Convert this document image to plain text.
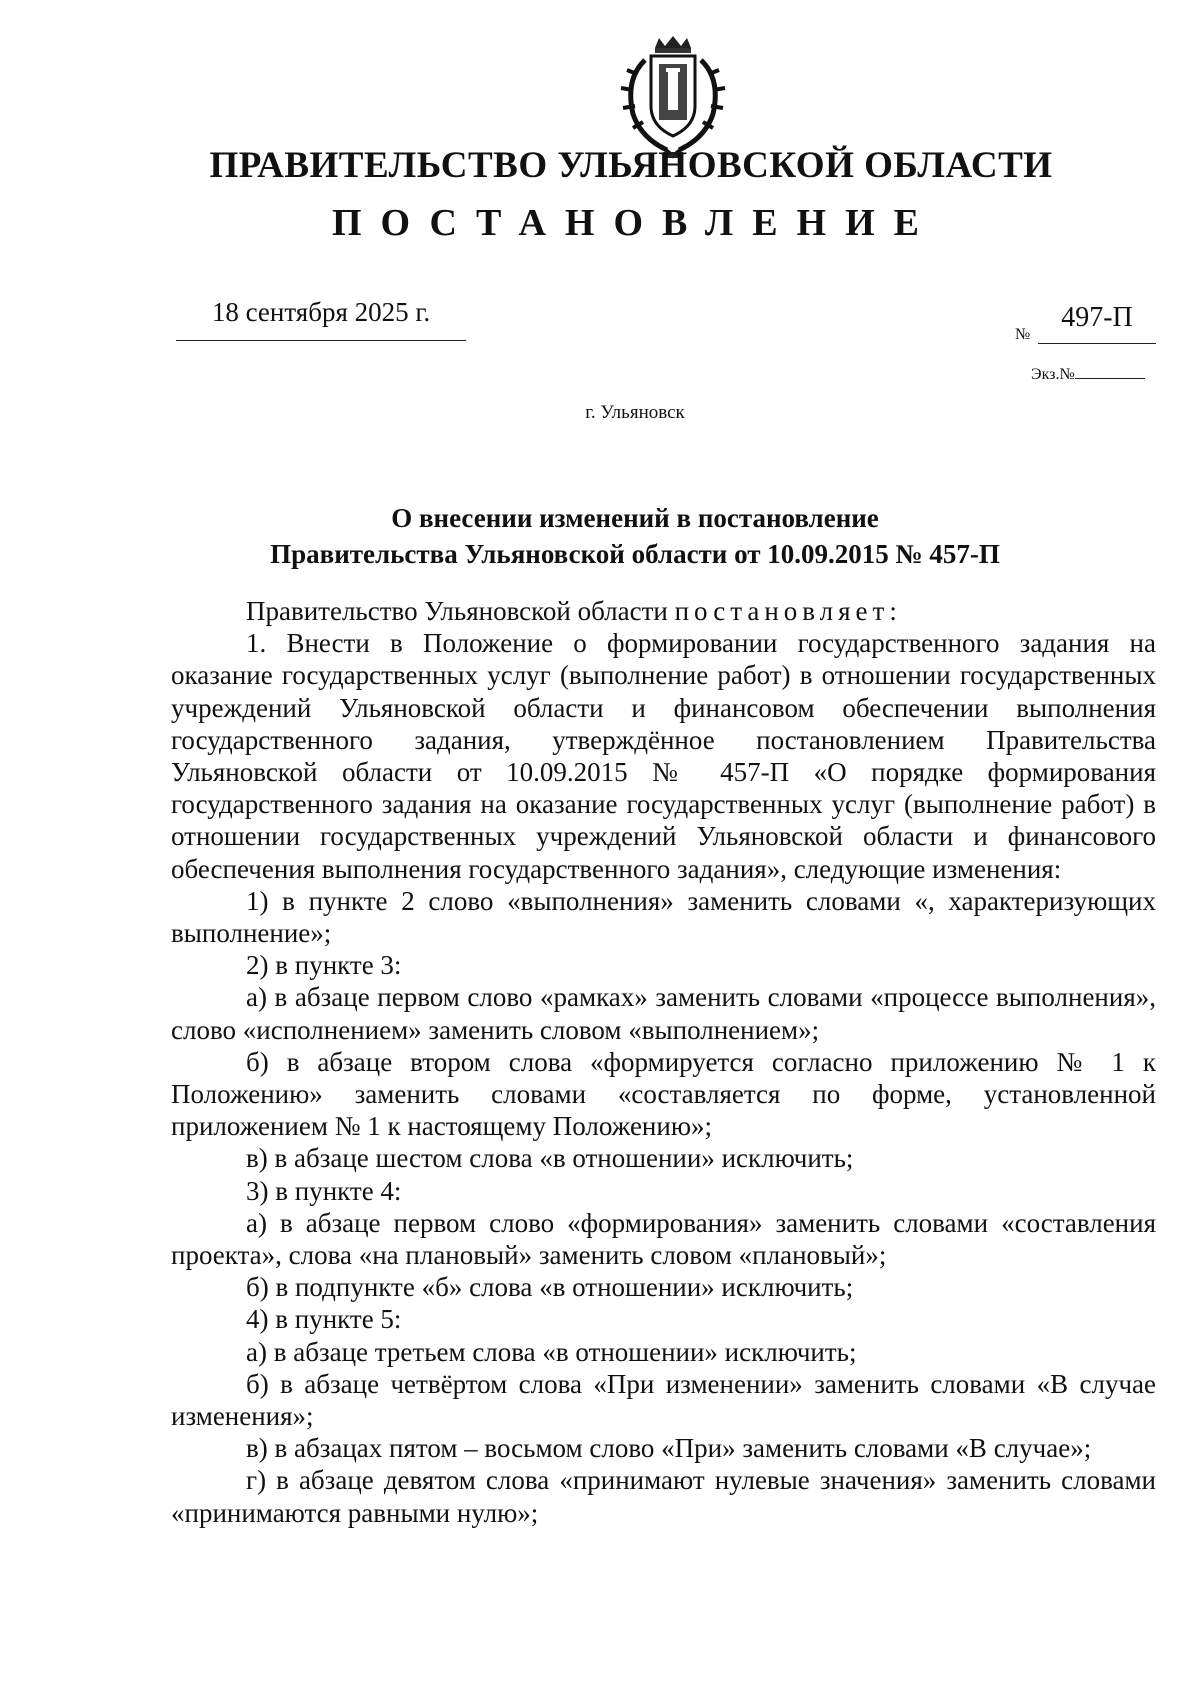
ПРАВИТЕЛЬСТВО УЛЬЯНОВСКОЙ ОБЛАСТИ
ПОСТАНОВЛЕНИЕ
18 сентября 2025 г.
№
497-П
Экз.№
г. Ульяновск
О внесении изменений в постановление
Правительства Ульяновской области от 10.09.2015 № 457-П

Правительство Ульяновской области постановляет:

1. Внести в Положение о формировании государственного задания на оказание государственных услуг (выполнение работ) в отношении государственных учреждений Ульяновской области и финансовом обеспечении выполнения государственного задания, утверждённое постановлением Правительства Ульяновской области от 10.09.2015 № 457-П «О порядке формирования государственного задания на оказание государственных услуг (выполнение работ) в отношении государственных учреждений Ульяновской области и финансового обеспечения выполнения государственного задания», следующие изменения:

1) в пункте 2 слово «выполнения» заменить словами «, характеризующих выполнение»;

2) в пункте 3:

а) в абзаце первом слово «рамках» заменить словами «процессе выполнения», слово «исполнением» заменить словом «выполнением»;

б) в абзаце втором слова «формируется согласно приложению № 1 к Положению» заменить словами «составляется по форме, установленной приложением № 1 к настоящему Положению»;

в) в абзаце шестом слова «в отношении» исключить;

3) в пункте 4:

а) в абзаце первом слово «формирования» заменить словами «составления проекта», слова «на плановый» заменить словом «плановый»;

б) в подпункте «б» слова «в отношении» исключить;

4) в пункте 5:

а) в абзаце третьем слова «в отношении» исключить;

б) в абзаце четвёртом слова «При изменении» заменить словами «В случае изменения»;

в) в абзацах пятом – восьмом слово «При» заменить словами «В случае»;

г) в абзаце девятом слова «принимают нулевые значения» заменить словами «принимаются равными нулю»;
